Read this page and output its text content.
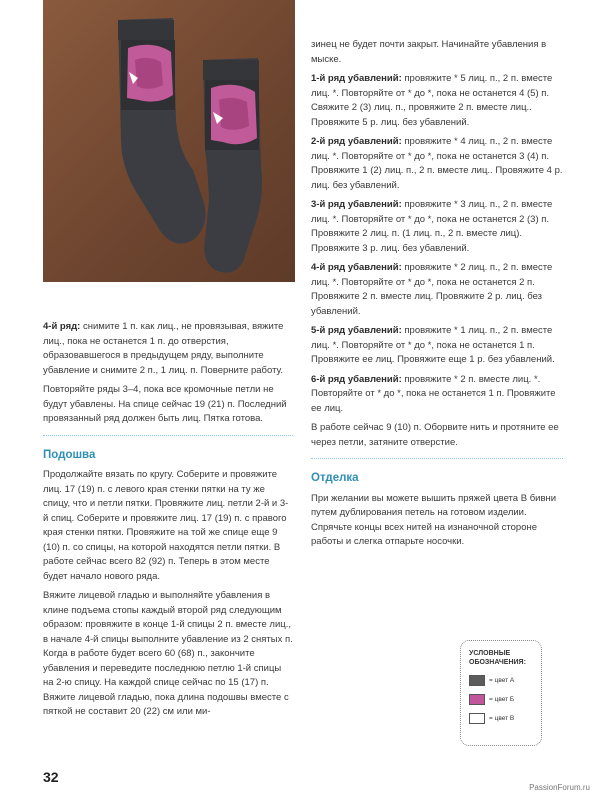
4-й ряд: снимите 1 п. как лиц., не провязывая, вяжите лиц., пока не останется 1 п. до отверстия, образовавшегося в предыдущем ряду, выполните убавление и снимите 2 п., 1 лиц. п. Поверните работу.

Повторяйте ряды 3–4, пока все кромочные петли не будут убавлены. На спице сейчас 19 (21) п. Последний провязанный ряд должен быть лиц. Пятка готова.

Подошва

Продолжайте вязать по кругу. Соберите и провяжите лиц. 17 (19) п. с левого края стенки пятки на ту же спицу, что и петли пятки. Провяжите лиц. петли 2-й и 3-й спиц. Соберите и провяжите лиц. 17 (19) п. с правого края стенки пятки. Провяжите на той же спице еще 9 (10) п. со спицы, на которой находятся петли пятки. В работе сейчас всего 82 (92) п. Теперь в этом месте будет начало нового ряда.

Вяжите лицевой гладью и выполняйте убавления в клине подъема стопы каждый второй ряд следующим образом: провяжите в конце 1-й спицы 2 п. вместе лиц., в начале 4-й спицы выполните убавление из 2 снятых п. Когда в работе будет всего 60 (68) п., закончите убавления и переведите последнюю петлю 1-й спицы на 2-ю спицу. На каждой спице сейчас по 15 (17) п. Вяжите лицевой гладью, пока длина подошвы вместе с пяткой не составит 20 (22) см или ми-

зинец не будет почти закрыт. Начинайте убавления в мыске.

1-й ряд убавлений: провяжите * 5 лиц. п., 2 п. вместе лиц. *. Повторяйте от * до *, пока не останется 4 (5) п. Свяжите 2 (3) лиц. п., провяжите 2 п. вместе лиц.. Провяжите 5 р. лиц. без убавлений.

2-й ряд убавлений: провяжите * 4 лиц. п., 2 п. вместе лиц. *. Повторяйте от * до *, пока не останется 3 (4) п. Провяжите 1 (2) лиц. п., 2 п. вместе лиц.. Провяжите 4 р. лиц. без убавлений.

3-й ряд убавлений: провяжите * 3 лиц. п., 2 п. вместе лиц. *. Повторяйте от * до *, пока не останется 2 (3) п. Провяжите 2 лиц. п. (1 лиц. п., 2 п. вместе лиц). Провяжите 3 р. лиц. без убавлений.

4-й ряд убавлений: провяжите * 2 лиц. п., 2 п. вместе лиц. *. Повторяйте от * до *, пока не останется 2 п. Провяжите 2 п. вместе лиц. Провяжите 2 р. лиц. без убавлений.

5-й ряд убавлений: провяжите * 1 лиц. п., 2 п. вместе лиц. *. Повторяйте от * до *, пока не останется 1 п. Провяжите ее лиц. Провяжите еще 1 р. без убавлений.

6-й ряд убавлений: провяжите * 2 п. вместе лиц. *. Повторяйте от * до *, пока не останется 1 п. Провяжите ее лиц.

В работе сейчас 9 (10) п. Оборвите нить и протяните ее через петли, затяните отверстие.

Отделка

При желании вы можете вышить пряжей цвета В бивни путем дублирования петель на готовом изделии. Спрячьте концы всех нитей на изнаночной стороне работы и слегка отпарьте носочки.

УСЛОВНЫЕ
ОБОЗНАЧЕНИЯ:
= цвет А
= цвет Б
= цвет В
32
PassionForum.ru
